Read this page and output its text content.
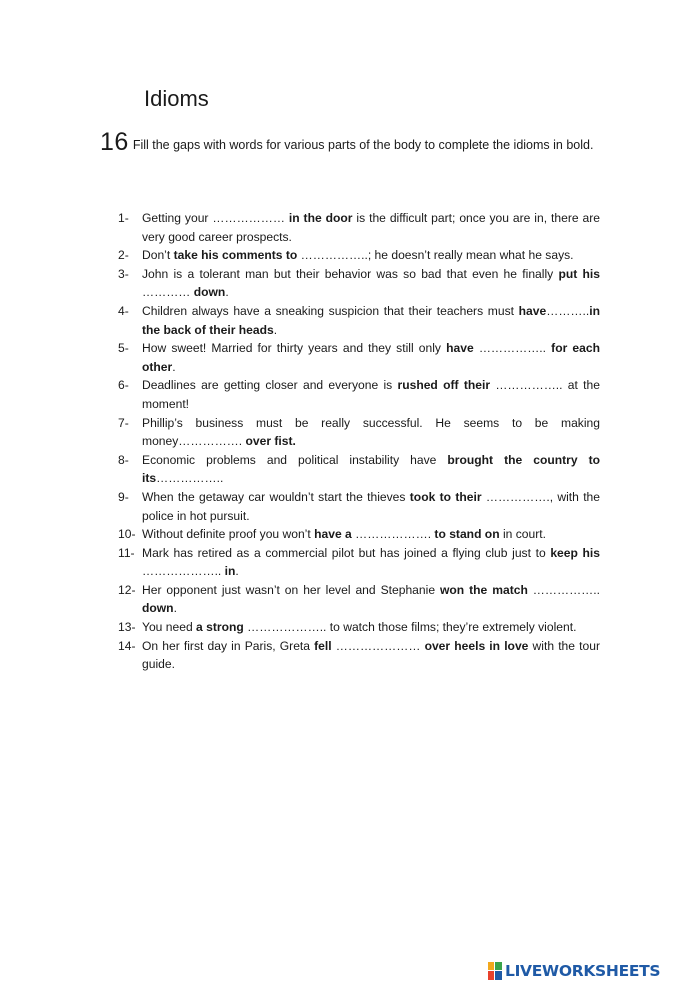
Idioms
16 Fill the gaps with words for various parts of the body to complete the idioms in bold.
1- Getting your ……………… in the door is the difficult part; once you are in, there are very good career prospects.
2- Don’t take his comments to ……………..; he doesn’t really mean what he says.
3- John is a tolerant man but their behavior was so bad that even he finally put his ………… down.
4- Children always have a sneaking suspicion that their teachers must have………..in the back of their heads.
5- How sweet! Married for thirty years and they still only have …………….. for each other.
6- Deadlines are getting closer and everyone is rushed off their …………….. at the moment!
7- Phillip’s business must be really successful. He seems to be making money……………. over fist.
8- Economic problems and political instability have brought the country to its……………..
9- When the getaway car wouldn’t start the thieves took to their ……………., with the police in hot pursuit.
10- Without definite proof you won’t have a ………………. to stand on in court.
11- Mark has retired as a commercial pilot but has joined a flying club just to keep his ……………….. in.
12- Her opponent just wasn’t on her level and Stephanie won the match …………….. down.
13- You need a strong ……………….. to watch those films; they’re extremely violent.
14- On her first day in Paris, Greta fell ………………… over heels in love with the tour guide.
LIVEWORKSHEETS
